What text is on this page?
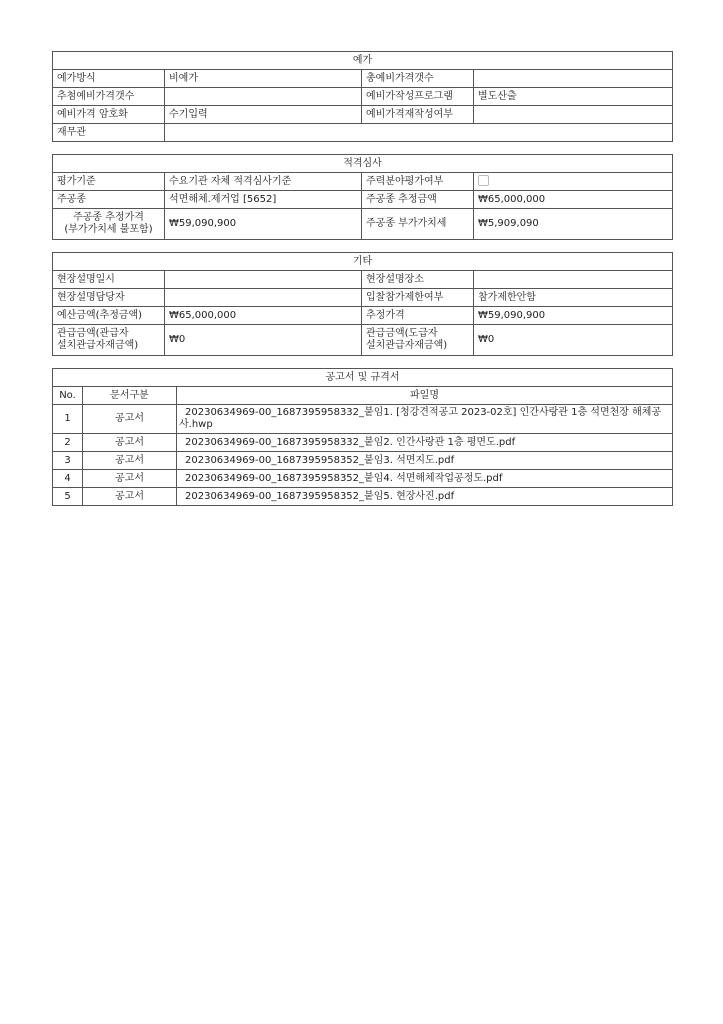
예가			
예가방식	비예가	총예비가격갯수	
추첨예비가격갯수		예비가작성프로그램	별도산출
예비가격 암호화	수기입력	예비가격재작성여부	
재무관			
적격심사			
평가기준	수요기관 자체 적격심사기준	주력분야평가여부	
주공종	석면해체.제거업 [5652]	주공종 추정금액	₩65,000,000
주공종 추정가격
(부가가치세 불포함)	₩59,090,900	주공종 부가가치세	₩5,909,090
기타			
현장설명일시		현장설명장소	
현장설명담당자		입찰참가제한여부	참가제한안함
예산금액(추정금액)	₩65,000,000	추정가격	₩59,090,900
관급금액(관급자
설치관급자재금액)	₩0	관급금액(도급자
설치관급자재금액)	₩0
공고서 및 규격서		
No.	문서구분	파일명
1	공고서	20230634969-00_1687395958332_붙임1. [청강견적공고 2023-02호] 인간사랑관 1층 석면천장 해체공사.hwp
2	공고서	20230634969-00_1687395958332_붙임2. 인간사랑관 1층 평면도.pdf
3	공고서	20230634969-00_1687395958352_붙임3. 석면지도.pdf
4	공고서	20230634969-00_1687395958352_붙임4. 석면해체작업공정도.pdf
5	공고서	20230634969-00_1687395958352_붙임5. 현장사진.pdf
